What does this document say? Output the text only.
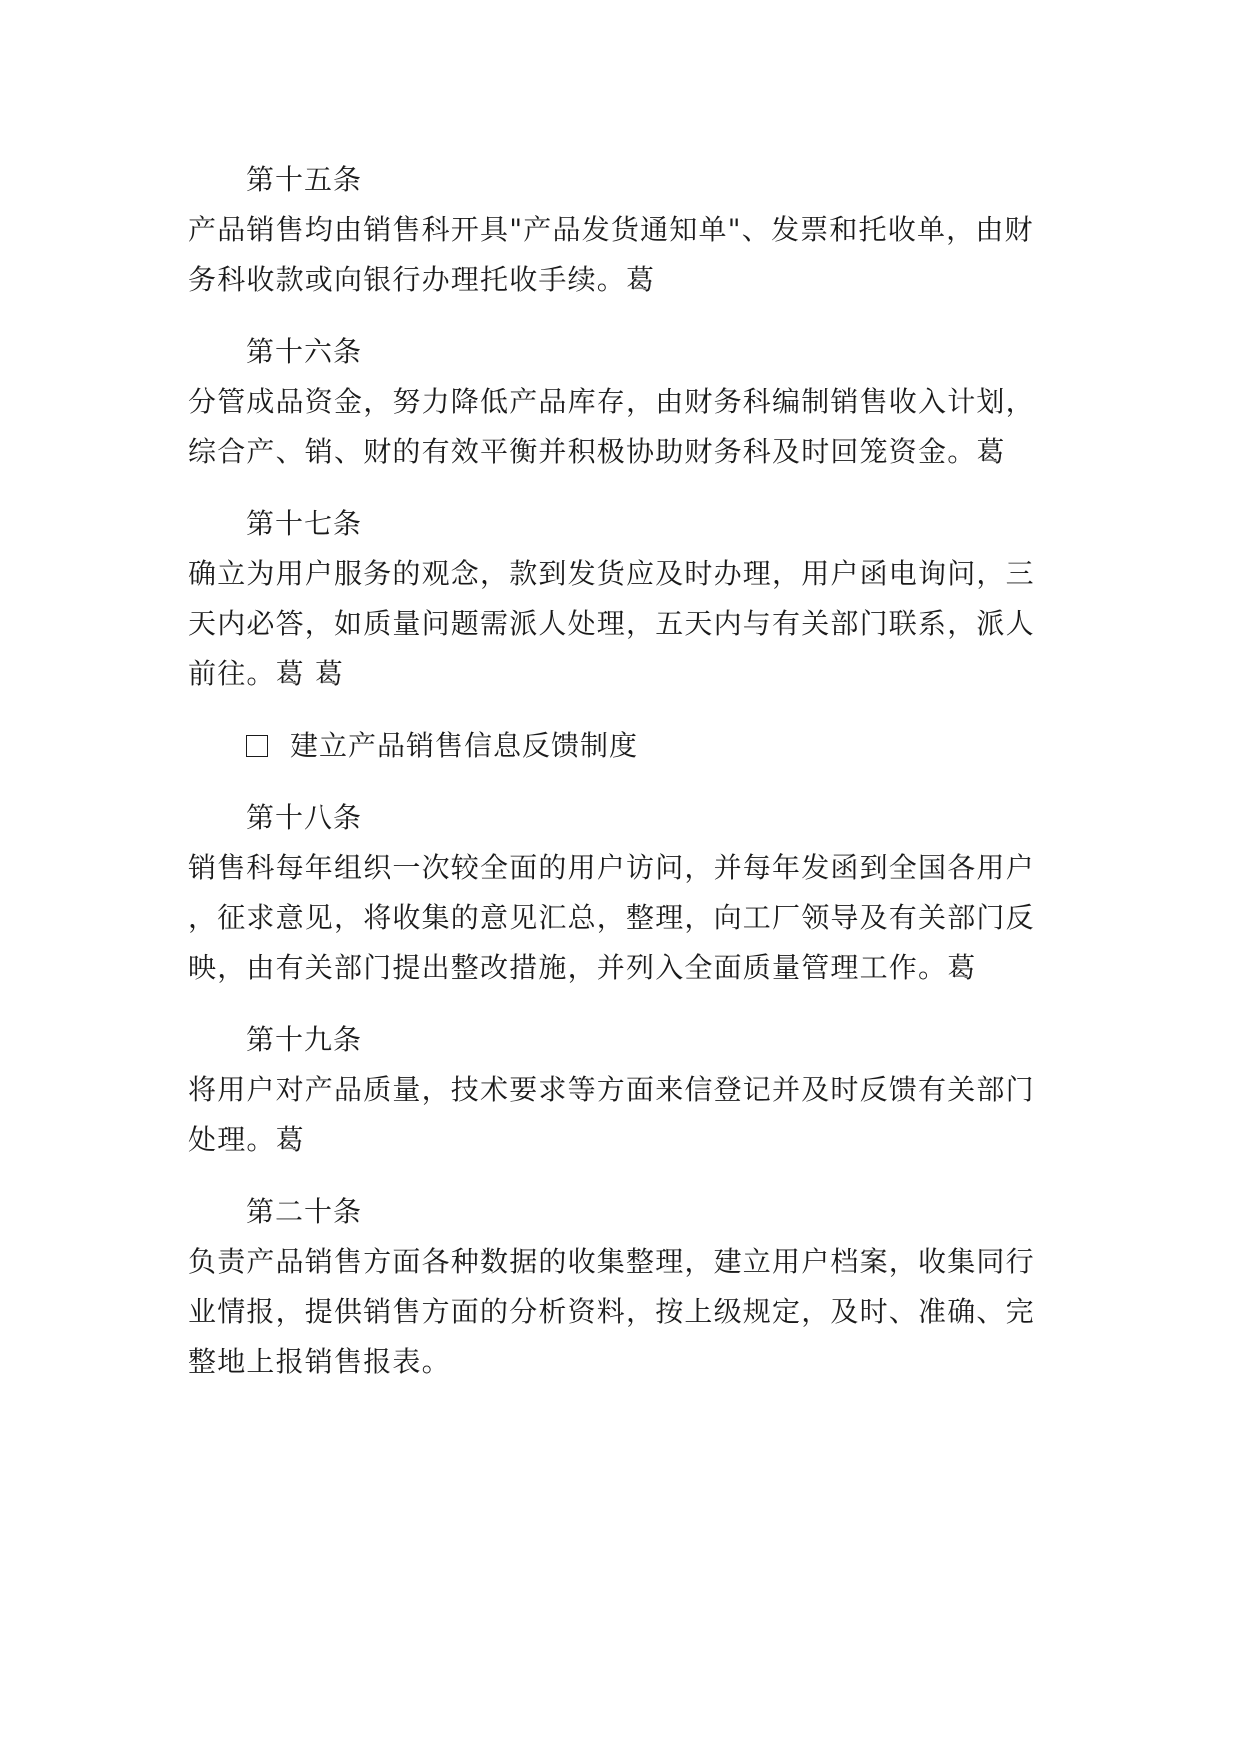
第十五条
产品销售均由销售科开具"产品发货通知单"、发票和托收单，由财
务科收款或向银行办理托收手续。葛
第十六条
分管成品资金，努力降低产品库存，由财务科编制销售收入计划，
综合产、销、财的有效平衡并积极协助财务科及时回笼资金。葛
第十七条
确立为用户服务的观念，款到发货应及时办理，用户函电询问，三
天内必答，如质量问题需派人处理，五天内与有关部门联系，派人
前往。葛 葛
建立产品销售信息反馈制度
第十八条
销售科每年组织一次较全面的用户访问，并每年发函到全国各用户
，征求意见，将收集的意见汇总，整理，向工厂领导及有关部门反
映，由有关部门提出整改措施，并列入全面质量管理工作。葛
第十九条
将用户对产品质量，技术要求等方面来信登记并及时反馈有关部门
处理。葛
第二十条
负责产品销售方面各种数据的收集整理，建立用户档案，收集同行
业情报，提供销售方面的分析资料，按上级规定，及时、准确、完
整地上报销售报表。
